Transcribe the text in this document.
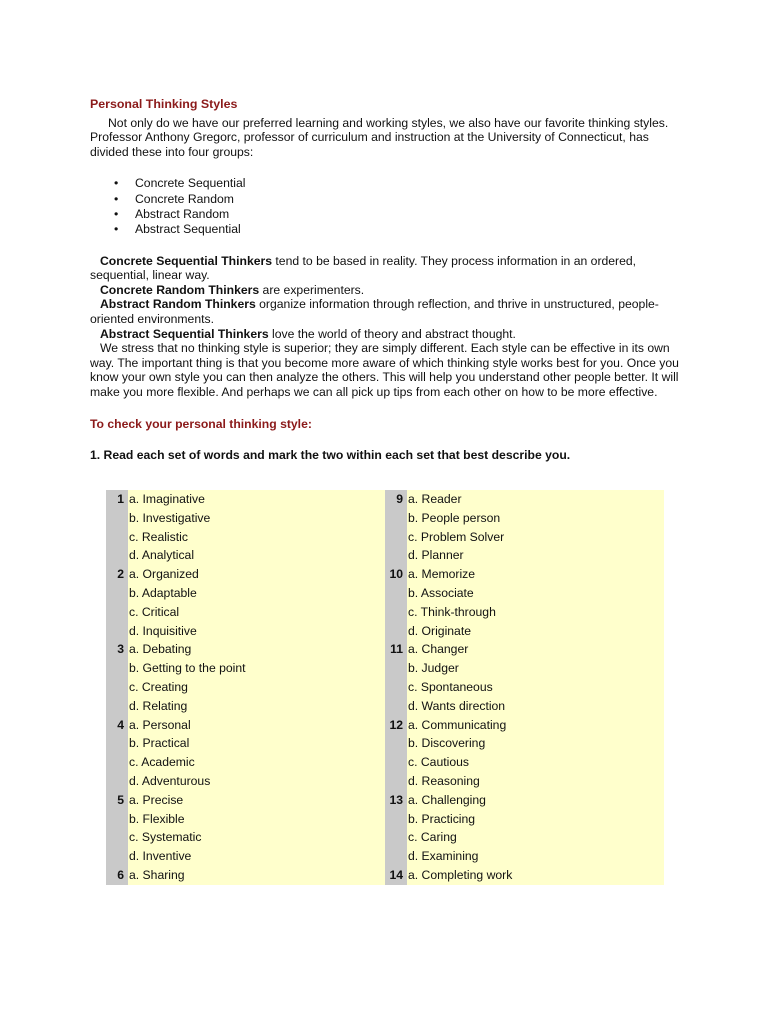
Personal Thinking Styles

Not only do we have our preferred learning and working styles, we also have our favorite thinking styles. Professor Anthony Gregorc, professor of curriculum and instruction at the University of Connecticut, has divided these into four groups:

• Concrete Sequential
• Concrete Random
• Abstract Random
• Abstract Sequential

Concrete Sequential Thinkers tend to be based in reality. They process information in an ordered, sequential, linear way.

Concrete Random Thinkers are experimenters.

Abstract Random Thinkers organize information through reflection, and thrive in unstructured, people-oriented environments.

Abstract Sequential Thinkers love the world of theory and abstract thought.

We stress that no thinking style is superior; they are simply different. Each style can be effective in its own way. The important thing is that you become more aware of which thinking style works best for you. Once you know your own style you can then analyze the others. This will help you understand other people better. It will make you more flexible. And perhaps we can all pick up tips from each other on how to be more effective.

To check your personal thinking style:
1. Read each set of words and mark the two within each set that best describe you.
1
2
3
4
5
6
a. Imaginative
b. Investigative
c. Realistic
d. Analytical
a. Organized
b. Adaptable
c. Critical
d. Inquisitive
a. Debating
b. Getting to the point
c. Creating
d. Relating
a. Personal
b. Practical
c. Academic
d. Adventurous
a. Precise
b. Flexible
c. Systematic
d. Inventive
a. Sharing
9
10
11
12
13
14
a. Reader
b. People person
c. Problem Solver
d. Planner
a. Memorize
b. Associate
c. Think-through
d. Originate
a. Changer
b. Judger
c. Spontaneous
d. Wants direction
a. Communicating
b. Discovering
c. Cautious
d. Reasoning
a. Challenging
b. Practicing
c. Caring
d. Examining
a. Completing work
